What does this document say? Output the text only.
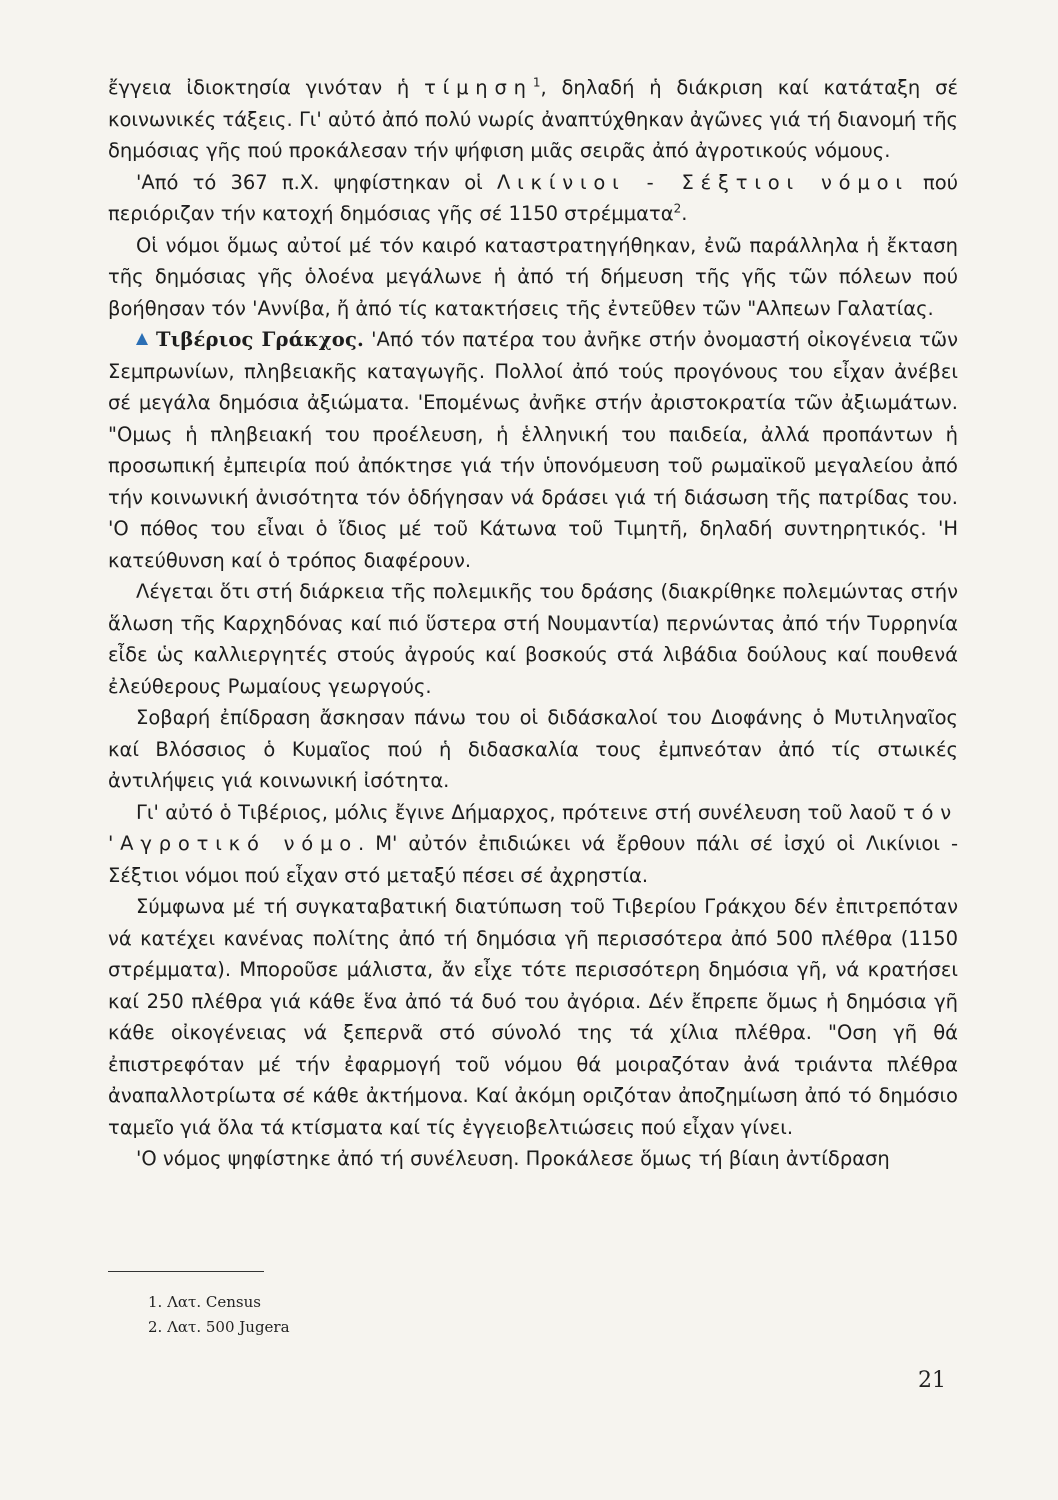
ἔγγεια ἰδιοκτησία γινόταν ἡ τίμηση$^1$, δηλαδή ἡ διάκριση καί κατάταξη σέ κοινωνικές τάξεις. Γι' αὐτό ἀπό πολύ νωρίς ἀναπτύχθηκαν ἀγῶνες γιά τή διανομή τῆς δημόσιας γῆς πού προκάλεσαν τήν ψήφιση μιᾶς σειρᾶς ἀπό ἀγροτικούς νόμους.

'Από τό 367 π.Χ. ψηφίστηκαν οἱ Λικίνιοι - Σέξτιοι νόμοι πού περιόριζαν τήν κατοχή δημόσιας γῆς σέ 1150 στρέμματα$^2$.

Οἱ νόμοι ὅμως αὐτοί μέ τόν καιρό καταστρατηγήθηκαν, ἐνῶ παράλληλα ἡ ἔκταση τῆς δημόσιας γῆς ὁλοένα μεγάλωνε ἡ ἀπό τή δήμευση τῆς γῆς τῶν πόλεων πού βοήθησαν τόν 'Αννίβα, ἤ ἀπό τίς κατακτήσεις τῆς ἐντεῦθεν τῶν "Αλπεων Γαλατίας.

Τιβέριος Γράκχος. 'Από τόν πατέρα του ἀνῆκε στήν ὀνομαστή οἰκογένεια τῶν Σεμπρωνίων, πληβειακῆς καταγωγῆς. Πολλοί ἀπό τούς προγόνους του εἶχαν ἀνέβει σέ μεγάλα δημόσια ἀξιώματα. 'Επομένως ἀνῆκε στήν ἀριστοκρατία τῶν ἀξιωμάτων. "Ομως ἡ πληβειακή του προέλευση, ἡ ἑλληνική του παιδεία, ἀλλά προπάντων ἡ προσωπική ἐμπειρία πού ἀπόκτησε γιά τήν ὑπονόμευση τοῦ ρωμαϊκοῦ μεγαλείου ἀπό τήν κοινωνική ἀνισότητα τόν ὁδήγησαν νά δράσει γιά τή διάσωση τῆς πατρίδας του. 'Ο πόθος του εἶναι ὁ ἴδιος μέ τοῦ Κάτωνα τοῦ Τιμητῆ, δηλαδή συντηρητικός. 'Η κατεύθυνση καί ὁ τρόπος διαφέρουν.

Λέγεται ὅτι στή διάρκεια τῆς πολεμικῆς του δράσης (διακρίθηκε πολεμώντας στήν ἅλωση τῆς Καρχηδόνας καί πιό ὕστερα στή Νουμαντία) περνώντας ἀπό τήν Τυρρηνία εἶδε ὡς καλλιεργητές στούς ἀγρούς καί βοσκούς στά λιβάδια δούλους καί πουθενά ἐλεύθερους Ρωμαίους γεωργούς.

Σοβαρή ἐπίδραση ἄσκησαν πάνω του οἱ διδάσκαλοί του Διοφάνης ὁ Μυτιληναῖος καί Βλόσσιος ὁ Κυμαῖος πού ἡ διδασκαλία τους ἐμπνεόταν ἀπό τίς στωικές ἀντιλήψεις γιά κοινωνική ἰσότητα.

Γι' αὐτό ὁ Τιβέριος, μόλις ἔγινε Δήμαρχος, πρότεινε στή συνέλευση τοῦ λαοῦ τόν 'Αγροτικό νόμο. Μ' αὐτόν ἐπιδιώκει νά ἔρθουν πάλι σέ ἰσχύ οἱ Λικίνιοι - Σέξτιοι νόμοι πού εἶχαν στό μεταξύ πέσει σέ ἀχρηστία.

Σύμφωνα μέ τή συγκαταβατική διατύπωση τοῦ Τιβερίου Γράκχου δέν ἐπιτρεπόταν νά κατέχει κανένας πολίτης ἀπό τή δημόσια γῆ περισσότερα ἀπό 500 πλέθρα (1150 στρέμματα). Μποροῦσε μάλιστα, ἄν εἶχε τότε περισσότερη δημόσια γῆ, νά κρατήσει καί 250 πλέθρα γιά κάθε ἕνα ἀπό τά δυό του ἀγόρια. Δέν ἔπρεπε ὅμως ἡ δημόσια γῆ κάθε οἰκογένειας νά ξεπερνᾶ στό σύνολό της τά χίλια πλέθρα. "Οση γῆ θά ἐπιστρεφόταν μέ τήν ἐφαρμογή τοῦ νόμου θά μοιραζόταν ἀνά τριάντα πλέθρα ἀναπαλλοτρίωτα σέ κάθε ἀκτήμονα. Καί ἀκόμη οριζόταν ἀποζημίωση ἀπό τό δημόσιο ταμεῖο γιά ὅλα τά κτίσματα καί τίς ἐγγειοβελτιώσεις πού εἶχαν γίνει.

'Ο νόμος ψηφίστηκε ἀπό τή συνέλευση. Προκάλεσε ὅμως τή βίαιη ἀντίδραση

1. Λατ. Census
2. Λατ. 500 Jugera
21
